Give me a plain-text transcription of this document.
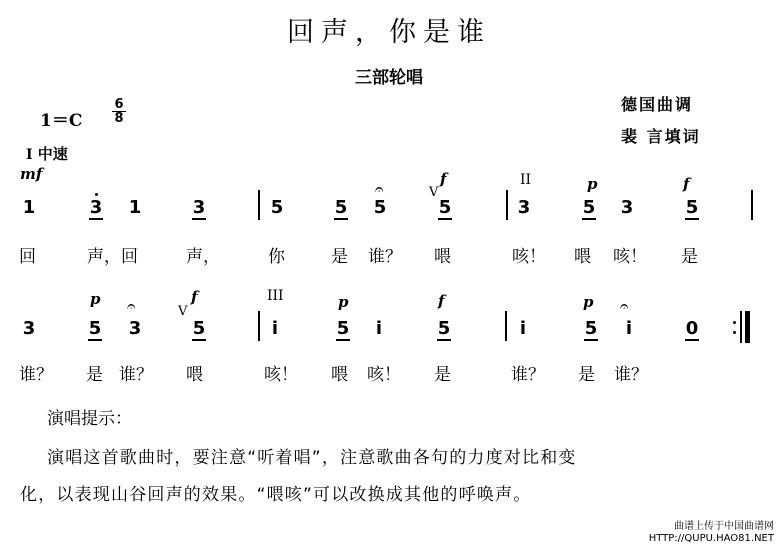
回声，你是谁
三部轮唱
德国曲调
裴 言填词
1＝C
6
8
I 中速
mf
V
f	II	p	f
𝄐
1	3 1	3	5	5 5	5	3	5 3	5
回	声，回	声，	你	是 谁？ 喂	咳！ 喂 咳！ 是
p 𝄐	V
f	III	p	f	p 𝄐
3	5 3	5	i	5 i	5	i	5 i	0
谁？ 是 谁？ 喂	咳！ 喂 咳！ 是	谁？ 是 谁？
演唱提示：
演唱这首歌曲时，要注意“听着唱”，注意歌曲各句的力度对比和变
化，以表现山谷回声的效果。“喂咳”可以改换成其他的呼唤声。
曲谱上传于中国曲谱网
HTTP://QUPU.HAO81.NET
